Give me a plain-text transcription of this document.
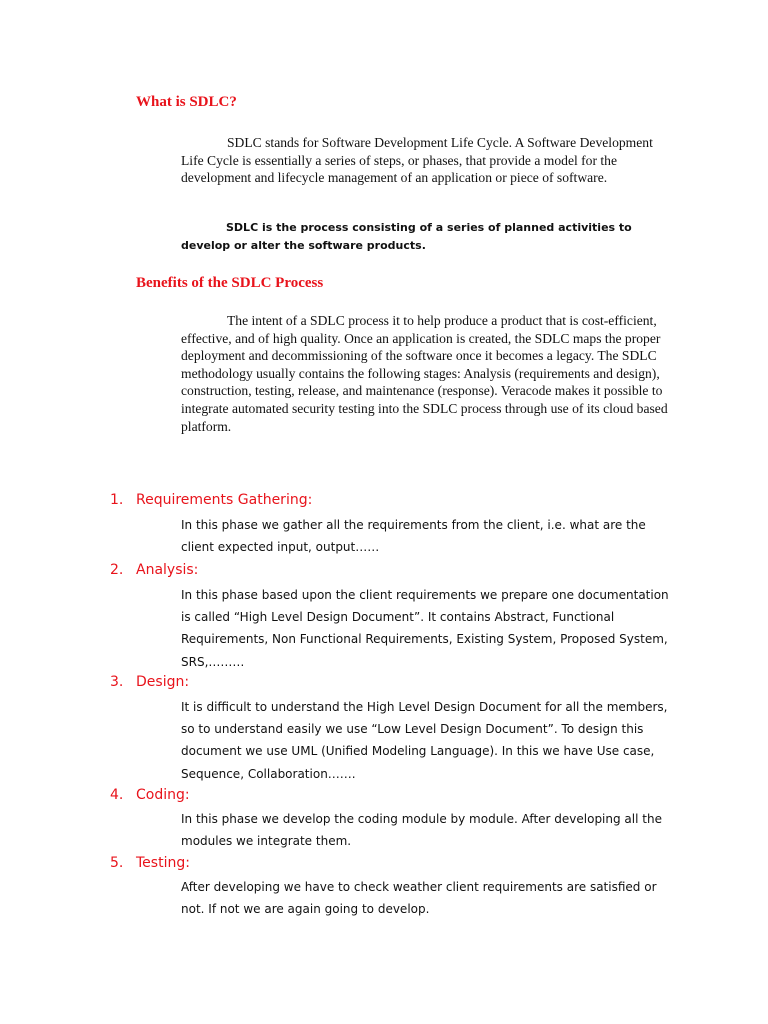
What is SDLC?

SDLC stands for Software Development Life Cycle. A Software Development Life Cycle is essentially a series of steps, or phases, that provide a model for the development and lifecycle management of an application or piece of software.

SDLC is the process consisting of a series of planned activities to develop or alter the software products.

Benefits of the SDLC Process

The intent of a SDLC process it to help produce a product that is cost-efficient, effective, and of high quality. Once an application is created, the SDLC maps the proper deployment and decommissioning of the software once it becomes a legacy. The SDLC methodology usually contains the following stages: Analysis (requirements and design), construction, testing, release, and maintenance (response). Veracode makes it possible to integrate automated security testing into the SDLC process through use of its cloud based platform.

1. Requirements Gathering:

In this phase we gather all the requirements from the client, i.e. what are the client expected input, output……

2. Analysis:

In this phase based upon the client requirements we prepare one documentation is called “High Level Design Document”. It contains Abstract, Functional Requirements, Non Functional Requirements, Existing System, Proposed System, SRS,………

3. Design:

It is difficult to understand the High Level Design Document for all the members, so to understand easily we use “Low Level Design Document”. To design this document we use UML (Unified Modeling Language). In this we have Use case, Sequence, Collaboration…….

4. Coding:

In this phase we develop the coding module by module. After developing all the modules we integrate them.

5. Testing:

After developing we have to check weather client requirements are satisfied or not. If not we are again going to develop.
